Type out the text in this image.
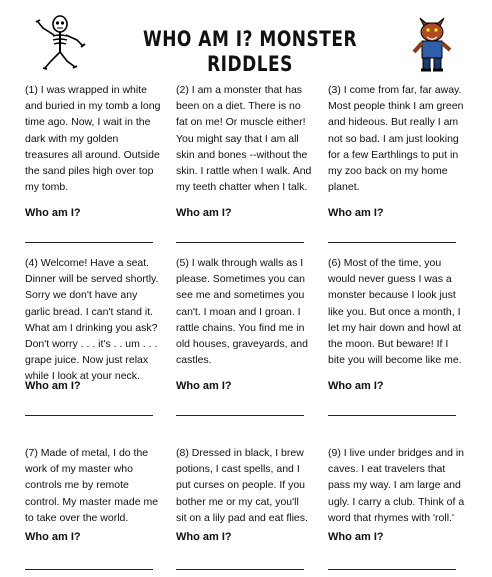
WHO AM I? MONSTER RIDDLES

(1) I was wrapped in white
and buried in my tomb a long
time ago. Now, I wait in the
dark with my golden
treasures all around. Outside
the sand piles high over top
my tomb.

Who am I?

(2) I am a monster that has
been on a diet. There is no
fat on me! Or muscle either!
You might say that I am all
skin and bones --without the
skin. I rattle when I walk. And
my teeth chatter when I talk.

Who am I?

(3) I come from far, far away.
Most people think I am green
and hideous. But really I am
not so bad. I am just looking
for a few Earthlings to put in
my zoo back on my home
planet.

Who am I?

(4) Welcome! Have a seat.
Dinner will be served shortly.
Sorry we don't have any
garlic bread. I can't stand it.
What am I drinking you ask?
Don't worry . . . it's . . um . . .
grape juice. Now just relax
while I look at your neck.

Who am I?

(5) I walk through walls as I
please. Sometimes you can
see me and sometimes you
can't. I moan and I groan. I
rattle chains. You find me in
old houses, graveyards, and
castles.

Who am I?

(6) Most of the time, you
would never guess I was a
monster because I look just
like you. But once a month, I
let my hair down and howl at
the moon. But beware! If I
bite you will become like me.

Who am I?

(7) Made of metal, I do the
work of my master who
controls me by remote
control. My master made me
to take over the world.

Who am I?

(8) Dressed in black, I brew
potions, I cast spells, and I
put curses on people. If you
bother me or my cat, you'll
sit on a lily pad and eat flies.

Who am I?

(9) I live under bridges and in
caves. I eat travelers that
pass my way. I am large and
ugly. I carry a club. Think of a
word that rhymes with 'roll.'

Who am I?
